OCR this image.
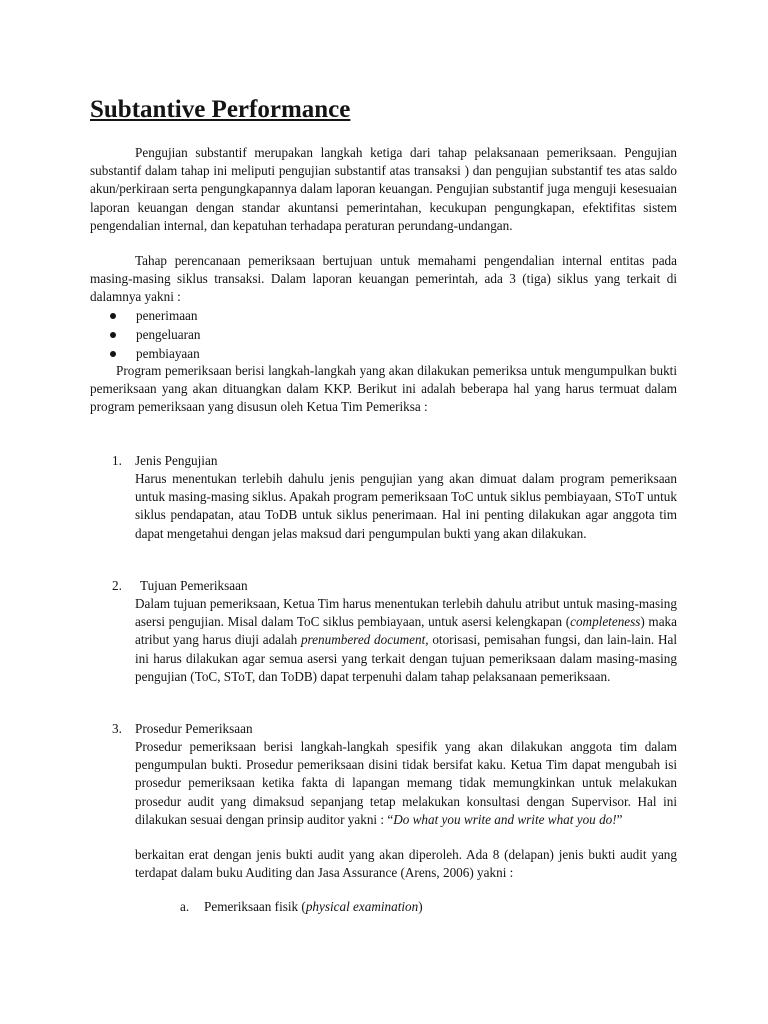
Subtantive Performance

Pengujian substantif merupakan langkah ketiga dari tahap pelaksanaan pemeriksaan. Pengujian substantif dalam tahap ini meliputi pengujian substantif atas transaksi ) dan pengujian substantif tes atas saldo akun/perkiraan serta pengungkapannya dalam laporan keuangan. Pengujian substantif juga menguji kesesuaian laporan keuangan dengan standar akuntansi pemerintahan, kecukupan pengungkapan, efektifitas sistem pengendalian internal, dan kepatuhan terhadapa peraturan perundang-undangan.

Tahap perencanaan pemeriksaan bertujuan untuk memahami pengendalian internal entitas pada masing-masing siklus transaksi. Dalam laporan keuangan pemerintah, ada 3 (tiga) siklus yang terkait di dalamnya yakni :

penerimaan
pengeluaran
pembiayaan

Program pemeriksaan berisi langkah-langkah yang akan dilakukan pemeriksa untuk mengumpulkan bukti pemeriksaan yang akan dituangkan dalam KKP. Berikut ini adalah beberapa hal yang harus termuat dalam program pemeriksaan yang disusun oleh Ketua Tim Pemeriksa :

1. Jenis Pengujian

Harus menentukan terlebih dahulu jenis pengujian yang akan dimuat dalam program pemeriksaan untuk masing-masing siklus. Apakah program pemeriksaan ToC untuk siklus pembiayaan, SToT untuk siklus pendapatan, atau ToDB untuk siklus penerimaan. Hal ini penting dilakukan agar anggota tim dapat mengetahui dengan jelas maksud dari pengumpulan bukti yang akan dilakukan.

2. Tujuan Pemeriksaan

Dalam tujuan pemeriksaan, Ketua Tim harus menentukan terlebih dahulu atribut untuk masing-masing asersi pengujian. Misal dalam ToC siklus pembiayaan, untuk asersi kelengkapan (completeness) maka atribut yang harus diuji adalah prenumbered document, otorisasi, pemisahan fungsi, dan lain-lain. Hal ini harus dilakukan agar semua asersi yang terkait dengan tujuan pemeriksaan dalam masing-masing pengujian (ToC, SToT, dan ToDB) dapat terpenuhi dalam tahap pelaksanaan pemeriksaan.

3. Prosedur Pemeriksaan

Prosedur pemeriksaan berisi langkah-langkah spesifik yang akan dilakukan anggota tim dalam pengumpulan bukti. Prosedur pemeriksaan disini tidak bersifat kaku. Ketua Tim dapat mengubah isi prosedur pemeriksaan ketika fakta di lapangan memang tidak memungkinkan untuk melakukan prosedur audit yang dimaksud sepanjang tetap melakukan konsultasi dengan Supervisor. Hal ini dilakukan sesuai dengan prinsip auditor yakni : “Do what you write and write what you do!”

berkaitan erat dengan jenis bukti audit yang akan diperoleh. Ada 8 (delapan) jenis bukti audit yang terdapat dalam buku Auditing dan Jasa Assurance (Arens, 2006) yakni :

a. Pemeriksaan fisik (physical examination)
